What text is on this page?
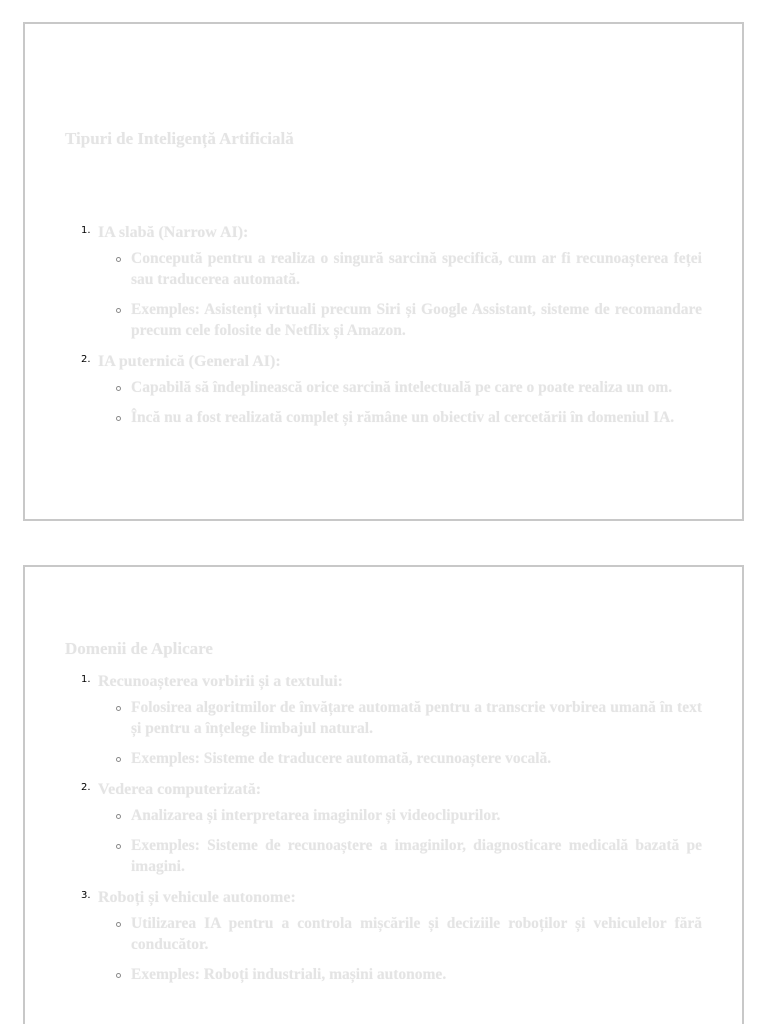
Tipuri de Inteligență Artificială
1. IA slabă (Narrow AI):
Concepută pentru a realiza o singură sarcină specifică, cum ar fi recunoașterea feței sau traducerea automată.
Exemples: Asistenți virtuali precum Siri și Google Assistant, sisteme de recomandare precum cele folosite de Netflix și Amazon.
2. IA puternică (General AI):
Capabilă să îndeplinească orice sarcină intelectuală pe care o poate realiza un om.
Încă nu a fost realizată complet și rămâne un obiectiv al cercetării în domeniul IA.
Domenii de Aplicare
1. Recunoașterea vorbirii și a textului:
Folosirea algoritmilor de învățare automată pentru a transcrie vorbirea umană în text și pentru a înțelege limbajul natural.
Exemples: Sisteme de traducere automată, recunoaștere vocală.
2. Vederea computerizată:
Analizarea și interpretarea imaginilor și videoclipurilor.
Exemples: Sisteme de recunoaștere a imaginilor, diagnosticare medicală bazată pe imagini.
3. Roboți și vehicule autonome:
Utilizarea IA pentru a controla mișcările și deciziile roboților și vehiculelor fără conducător.
Exemples: Roboți industriali, mașini autonome.
